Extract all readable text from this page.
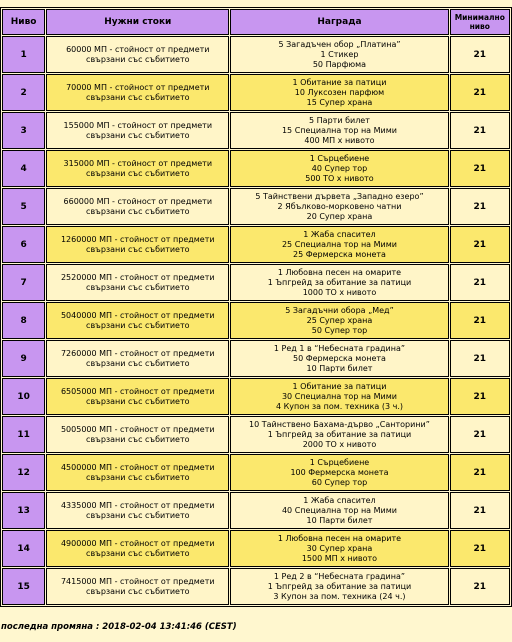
Ниво	Нужни стоки	Награда	Минимално
ниво

1	60000 МП - стойност от предмети свързани със събитието	5 Загадъчен обор „Платина”
1 Стикер
50 Парфюма	21
2	70000 МП - стойност от предмети свързани със събитието	1 Обитание за патици
10 Луксозен парфюм
15 Супер храна	21
3	155000 МП - стойност от предмети свързани със събитието	5 Парти билет
15 Специална тор на Мими
400 МП х нивото	21
4	315000 МП - стойност от предмети свързани със събитието	1 Сърцебиене
40 Супер тор
500 ТО х нивото	21
5	660000 МП - стойност от предмети свързани със събитието	5 Тайнствени дървета „Западно езеро”
2 Ябълково-морковено чатни
20 Супер храна	21
6	1260000 МП - стойност от предмети свързани със събитието	1 Жаба спасител
25 Специална тор на Мими
25 Фермерска монета	21
7	2520000 МП - стойност от предмети свързани със събитието	1 Любовна песен на омарите
1 Ъпгрейд за обитание за патици
1000 ТО х нивото	21
8	5040000 МП - стойност от предмети свързани със събитието	5 Загадъчни обора „Мед”
25 Супер храна
50 Супер тор	21
9	7260000 МП - стойност от предмети свързани със събитието	1 Ред 1 в “Небесната градина”
50 Фермерска монета
10 Парти билет	21
10	6505000 МП - стойност от предмети свързани със събитието	1 Обитание за патици
30 Специална тор на Мими
4 Купон за пом. техника (3 ч.)	21
11	5005000 МП - стойност от предмети свързани със събитието	10 Тайнствено Бахама-дърво „Санторини”
1 Ъпгрейд за обитание за патици
2000 ТО х нивото	21
12	4500000 МП - стойност от предмети свързани със събитието	1 Сърцебиене
100 Фермерска монета
60 Супер тор	21
13	4335000 МП - стойност от предмети свързани със събитието	1 Жаба спасител
40 Специална тор на Мими
10 Парти билет	21
14	4900000 МП - стойност от предмети свързани със събитието	1 Любовна песен на омарите
30 Супер храна
1500 МП х нивото	21
15	7415000 МП - стойност от предмети свързани със събитието	1 Ред 2 в “Небесната градина”
1 Ъпгрейд за обитание за патици
3 Купон за пом. техника (24 ч.)	21
последна промяна : 2018-02-04 13:41:46 (CEST)
